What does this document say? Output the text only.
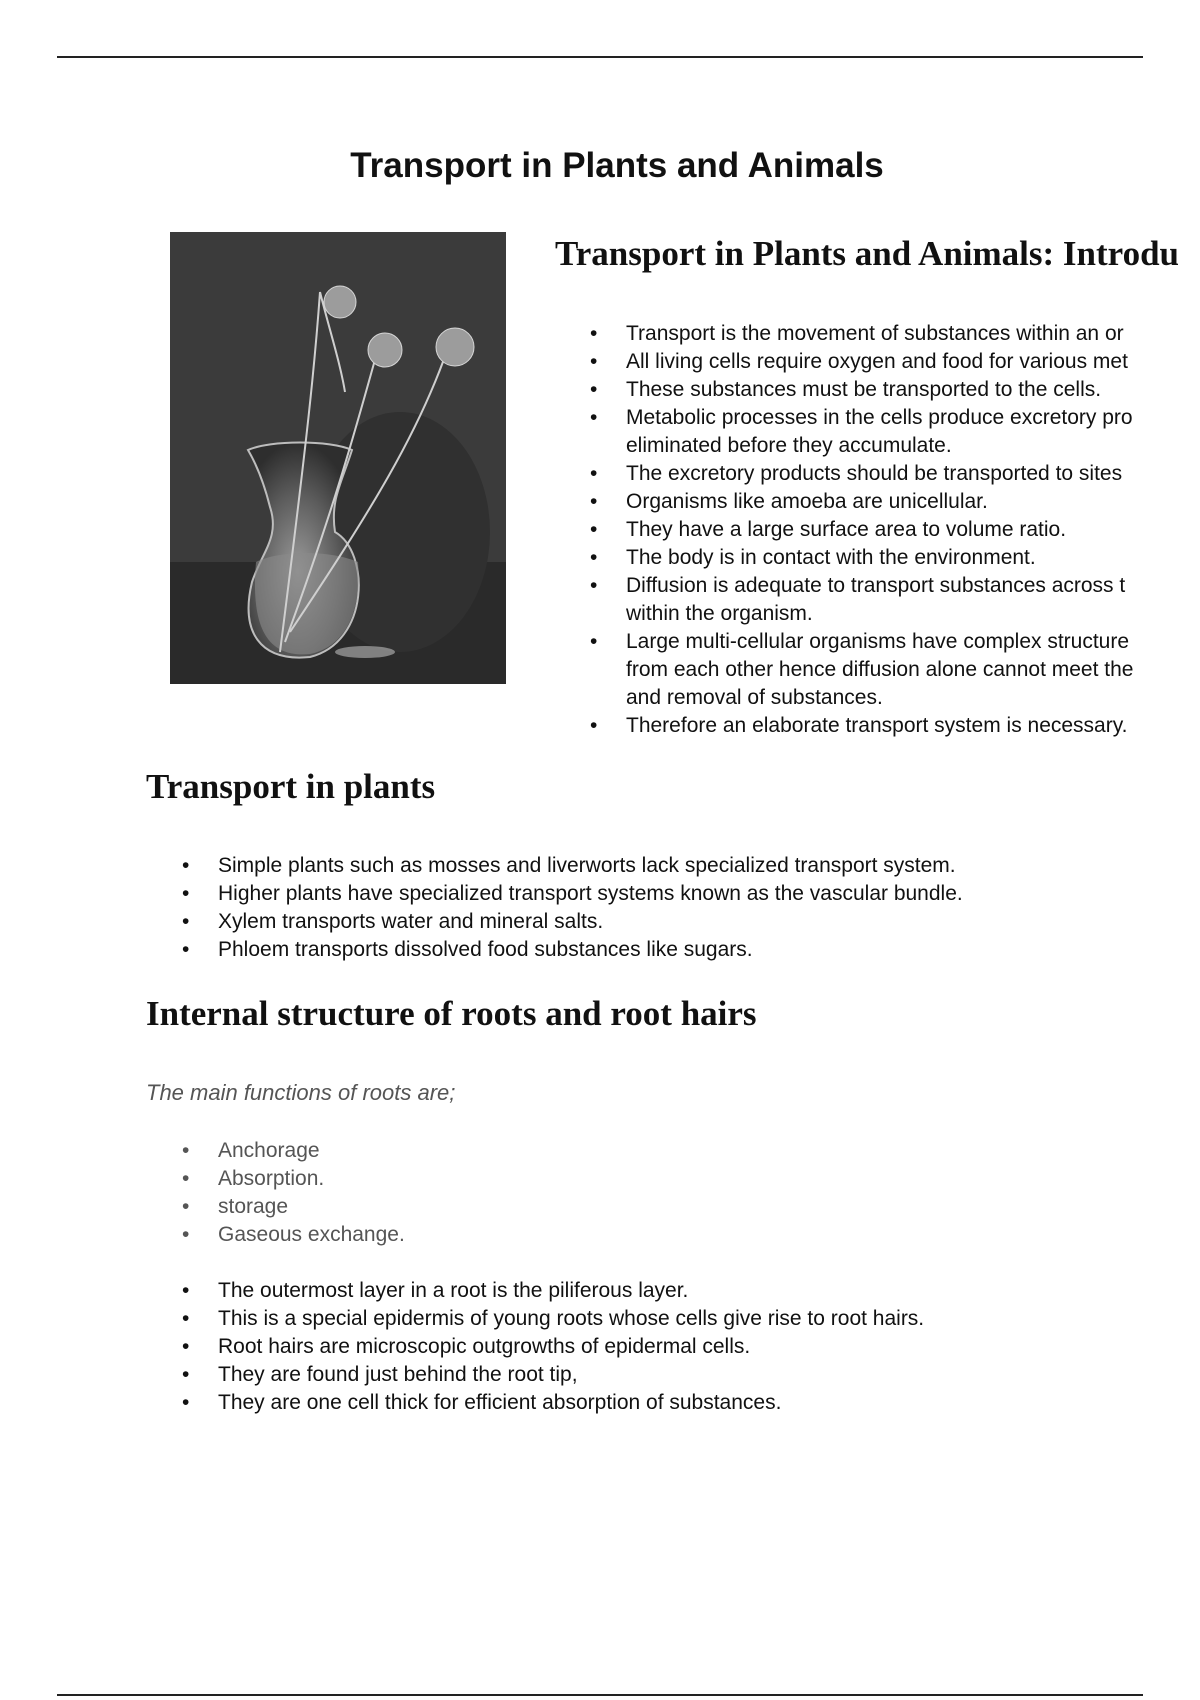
Transport in Plants and Animals
Transport in Plants and Animals: Introdu
• Transport is the movement of substances within an or
• All living cells require oxygen and food for various met
• These substances must be transported to the cells.
• Metabolic processes in the cells produce excretory pro
eliminated before they accumulate.
• The excretory products should be transported to sites
• Organisms like amoeba are unicellular.
• They have a large surface area to volume ratio.
• The body is in contact with the environment.
• Diffusion is adequate to transport substances across t
within the organism.
• Large multi-cellular organisms have complex structure
from each other hence diffusion alone cannot meet the
and removal of substances.
• Therefore an elaborate transport system is necessary.
Transport in plants
• Simple plants such as mosses and liverworts lack specialized transport system.
• Higher plants have specialized transport systems known as the vascular bundle.
• Xylem transports water and mineral salts.
• Phloem transports dissolved food substances like sugars.
Internal structure of roots and root hairs

The main functions of roots are;

• Anchorage
• Absorption.
• storage
• Gaseous exchange.
• The outermost layer in a root is the piliferous layer.
• This is a special epidermis of young roots whose cells give rise to root hairs.
• Root hairs are microscopic outgrowths of epidermal cells.
• They are found just behind the root tip,
• They are one cell thick for efficient absorption of substances.
